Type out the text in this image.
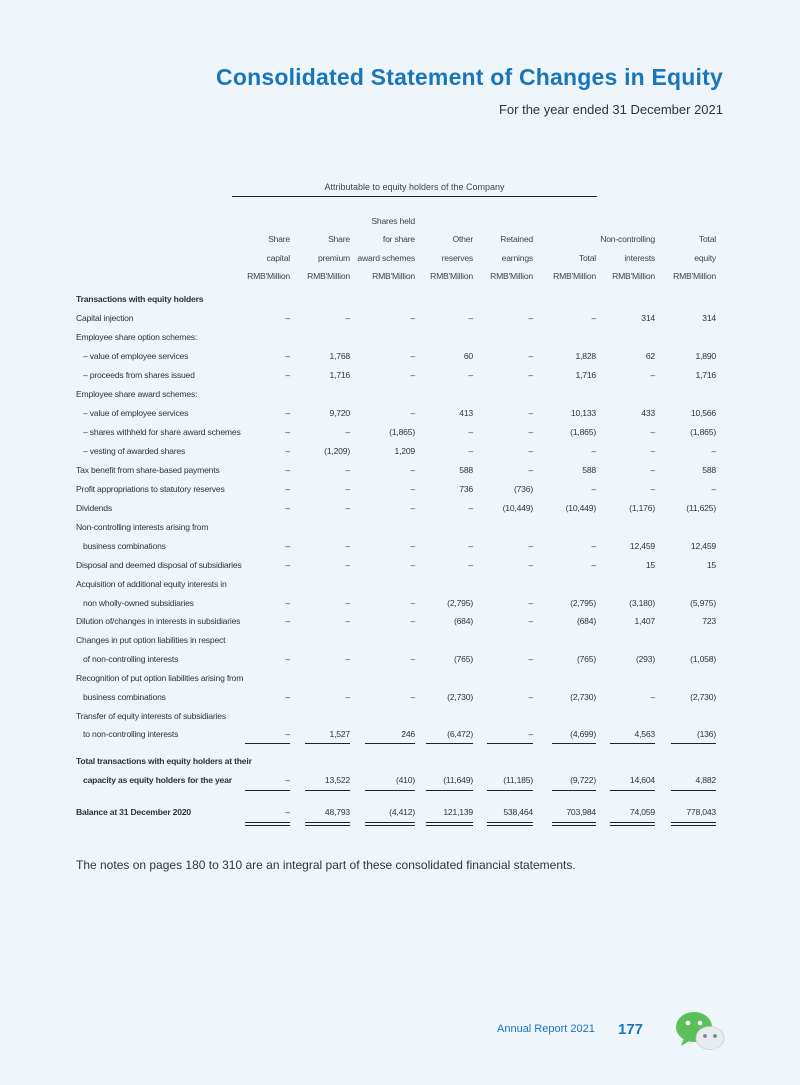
Consolidated Statement of Changes in Equity
For the year ended 31 December 2021
Attributable to equity holders of the Company
Share
capital
RMB'Million
Share
premium
RMB'Million
Shares held
for share
award schemes
RMB'Million
Other
reserves
RMB'Million
Retained
earnings
RMB'Million
Total
RMB'Million
Non-controlling
interests
RMB'Million
Total
equity
RMB'Million
Transactions with equity holders
Capital injection	–	–	–	–	–	–	314	314
Employee share option schemes:
– value of employee services	–	1,768	–	60	–	1,828	62	1,890
– proceeds from shares issued	–	1,716	–	–	–	1,716	–	1,716
Employee share award schemes:
– value of employee services	–	9,720	–	413	–	10,133	433	10,566
– shares withheld for share award schemes	–	–	(1,865)	–	–	(1,865)	–	(1,865)
– vesting of awarded shares	–	(1,209)	1,209	–	–	–	–	–
Tax benefit from share-based payments	–	–	–	588	–	588	–	588
Profit appropriations to statutory reserves	–	–	–	736	(736)	–	–	–
Dividends	–	–	–	–	(10,449)	(10,449)	(1,176)	(11,625)
Non-controlling interests arising from
business combinations	–	–	–	–	–	–	12,459	12,459
Disposal and deemed disposal of subsidiaries	–	–	–	–	–	–	15	15
Acquisition of additional equity interests in
non wholly-owned subsidiaries	–	–	–	(2,795)	–	(2,795)	(3,180)	(5,975)
Dilution of/changes in interests in subsidiaries	–	–	–	(684)	–	(684)	1,407	723
Changes in put option liabilities in respect
of non-controlling interests	–	–	–	(765)	–	(765)	(293)	(1,058)
Recognition of put option liabilities arising from
business combinations	–	–	–	(2,730)	–	(2,730)	–	(2,730)
Transfer of equity interests of subsidiaries
to non-controlling interests	–	1,527	246	(6,472)	–	(4,699)	4,563	(136)
Total transactions with equity holders at their
capacity as equity holders for the year	–	13,522	(410)	(11,649)	(11,185)	(9,722)	14,604	4,882
Balance at 31 December 2020	–	48,793	(4,412)	121,139	538,464	703,984	74,059	778,043
The notes on pages 180 to 310 are an integral part of these consolidated financial statements.
Annual Report 2021 177
